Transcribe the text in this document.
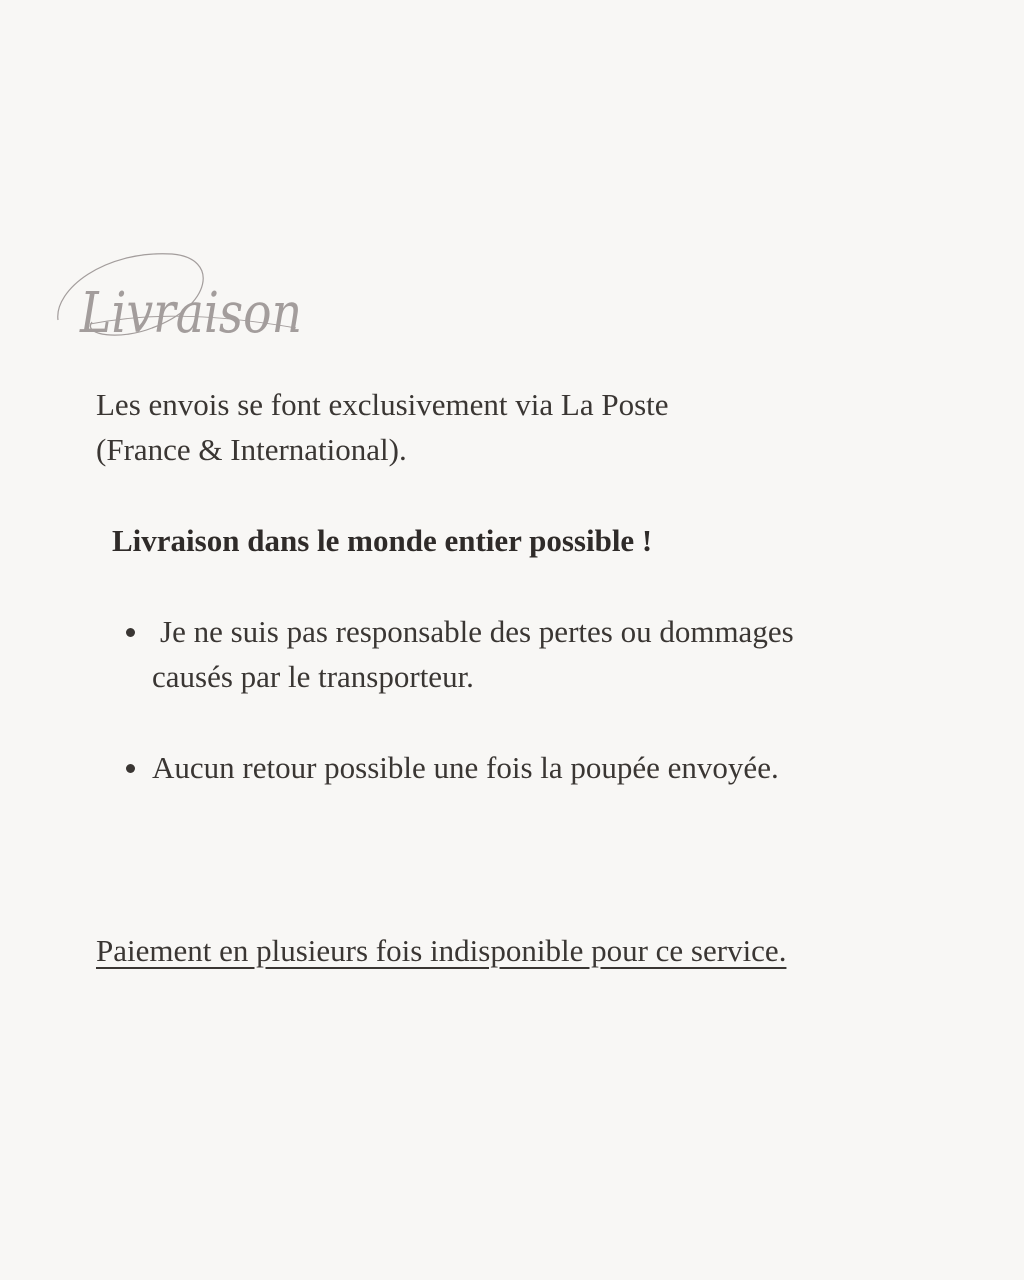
Livraison

Les envois se font exclusivement via La Poste
(France & International).

Livraison dans le monde entier possible !

Je ne suis pas responsable des pertes ou dommages
causés par le transporteur.
Aucun retour possible une fois la poupée envoyée.

Paiement en plusieurs fois indisponible pour ce service.
